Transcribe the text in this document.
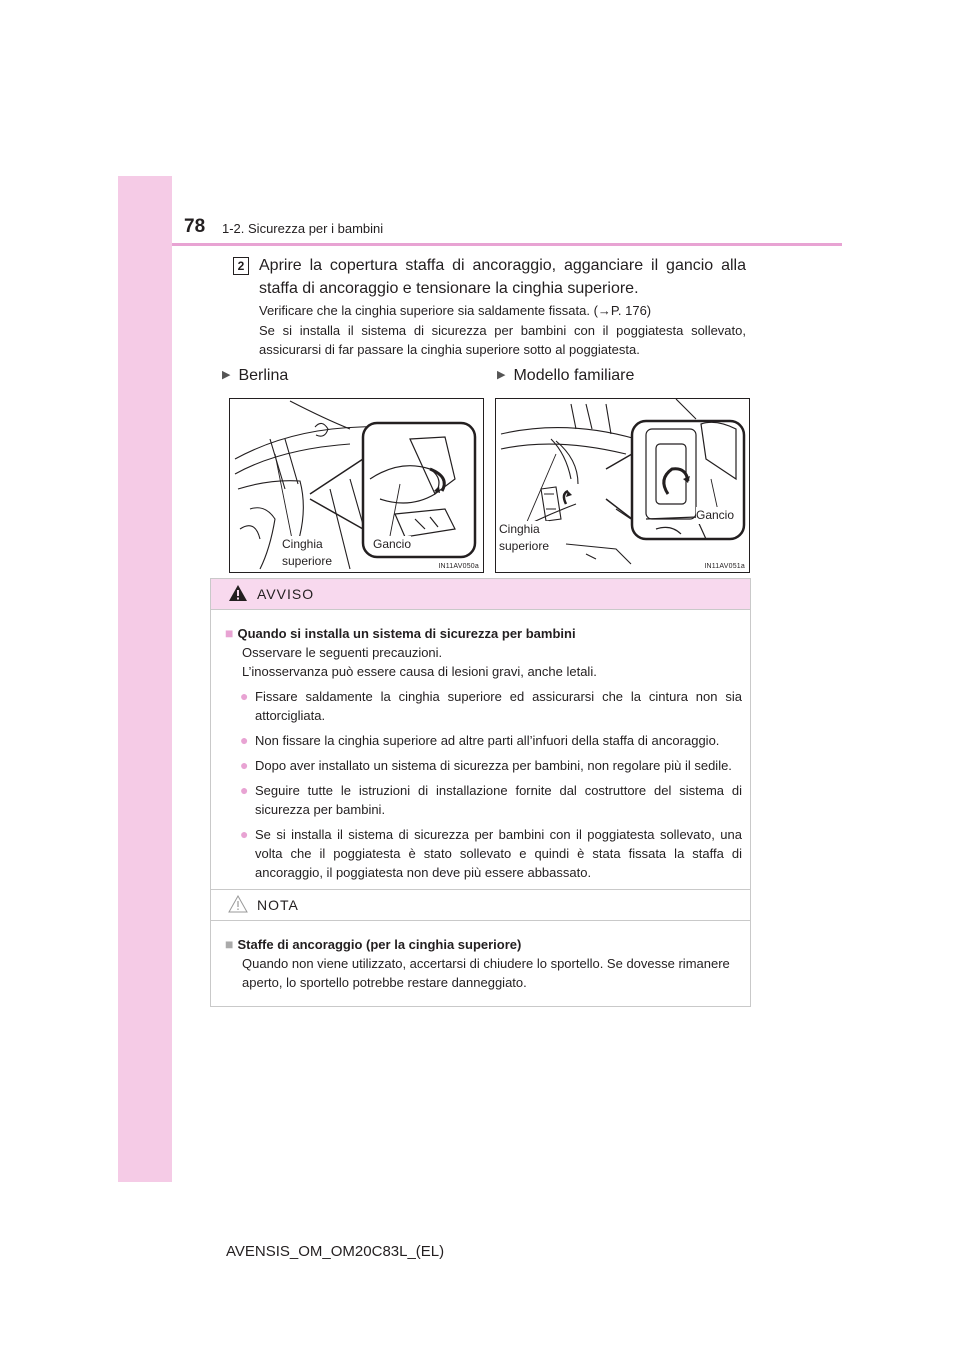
78 1-2. Sicurezza per i bambini
2 Aprire la copertura staffa di ancoraggio, agganciare il gancio alla staffa di ancoraggio e tensionare la cinghia superiore.
Verificare che la cinghia superiore sia saldamente fissata. (→P. 176)
Se si installa il sistema di sicurezza per bambini con il poggiatesta sollevato, assicurarsi di far passare la cinghia superiore sotto al poggiatesta.
▶ Berlina	▶ Modello familiare
Cinghia
superiore
Gancio
IN11AV050a
Cinghia
superiore
Gancio
IN11AV051a
AVVISO
■ Quando si installa un sistema di sicurezza per bambini
Osservare le seguenti precauzioni.
L’inosservanza può essere causa di lesioni gravi, anche letali.
● Fissare saldamente la cinghia superiore ed assicurarsi che la cintura non sia attorcigliata.
● Non fissare la cinghia superiore ad altre parti all’infuori della staffa di ancoraggio.
● Dopo aver installato un sistema di sicurezza per bambini, non regolare più il sedile.
● Seguire tutte le istruzioni di installazione fornite dal costruttore del sistema di sicurezza per bambini.
● Se si installa il sistema di sicurezza per bambini con il poggiatesta sollevato, una volta che il poggiatesta è stato sollevato e quindi è stata fissata la staffa di ancoraggio, il poggiatesta non deve più essere abbassato.
NOTA
■ Staffe di ancoraggio (per la cinghia superiore)
Quando non viene utilizzato, accertarsi di chiudere lo sportello. Se dovesse rimanere aperto, lo sportello potrebbe restare danneggiato.
AVENSIS_OM_OM20C83L_(EL)
